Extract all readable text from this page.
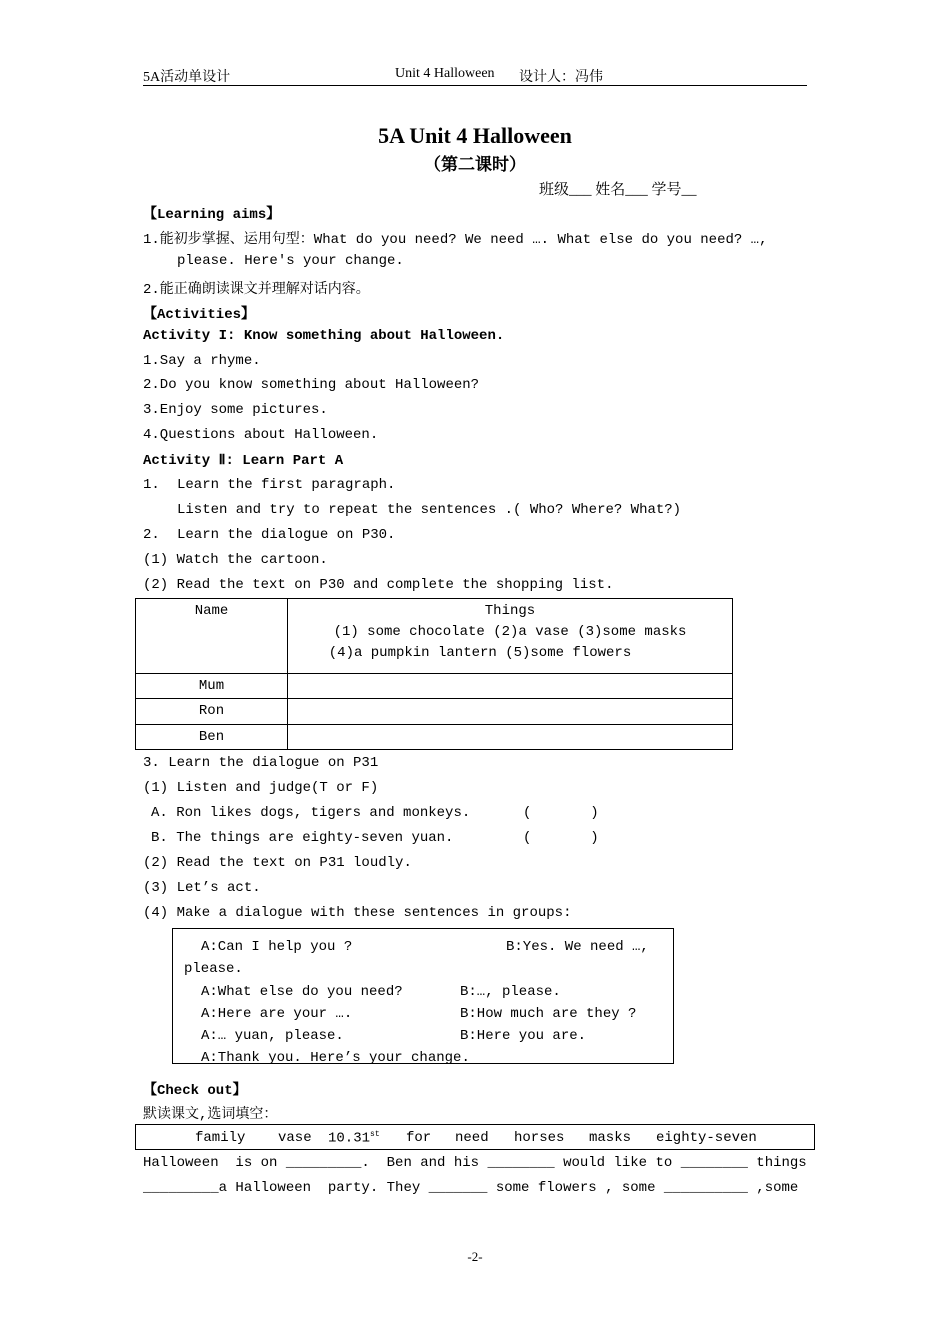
5A活动单设计	Unit 4 Halloween 设计人：冯伟
5A Unit 4 Halloween
（第二课时）
班级___ 姓名___ 学号__
【Learning aims】
1.能初步掌握、运用句型：What do you need? We need …. What else do you need? …,
please. Here's your change.
2.能正确朗读课文并理解对话内容。
【Activities】
Activity I: Know something about Halloween.
1.Say a rhyme.
2.Do you know something about Halloween?
3.Enjoy some pictures.
4.Questions about Halloween.
Activity Ⅱ: Learn Part A
1. Learn the first paragraph.
Listen and try to repeat the sentences .( Who? Where? What?)
2. Learn the dialogue on P30.
(1) Watch the cartoon.
(2) Read the text on P30 and complete the shopping list.
Name	Things
(1) some chocolate (2)a vase (3)some masks
(4)a pumpkin lantern (5)some flowers

Mum	
Ron	
Ben	
3. Learn the dialogue on P31
(1) Listen and judge(T or F)
A. Ron likes dogs, tigers and monkeys.	(       )
B. The things are eighty-seven yuan.	(       )
(2) Read the text on P31 loudly.
(3) Let’s act.
(4) Make a dialogue with these sentences in groups:
A:Can I help you ?	B:Yes. We need …,
please.
A:What else do you need?	B:…, please.
A:Here are your ….	B:How much are they ?
A:… yuan, please.	B:Here you are.
A:Thank you. Here’s your change.
【Check out】
默读课文,选词填空：
family vase 10.31st for need horses masks eighty-seven
Halloween  is on _________.  Ben and his ________ would like to ________ things
_________a Halloween  party. They _______ some flowers , some __________ ,some
-2-
